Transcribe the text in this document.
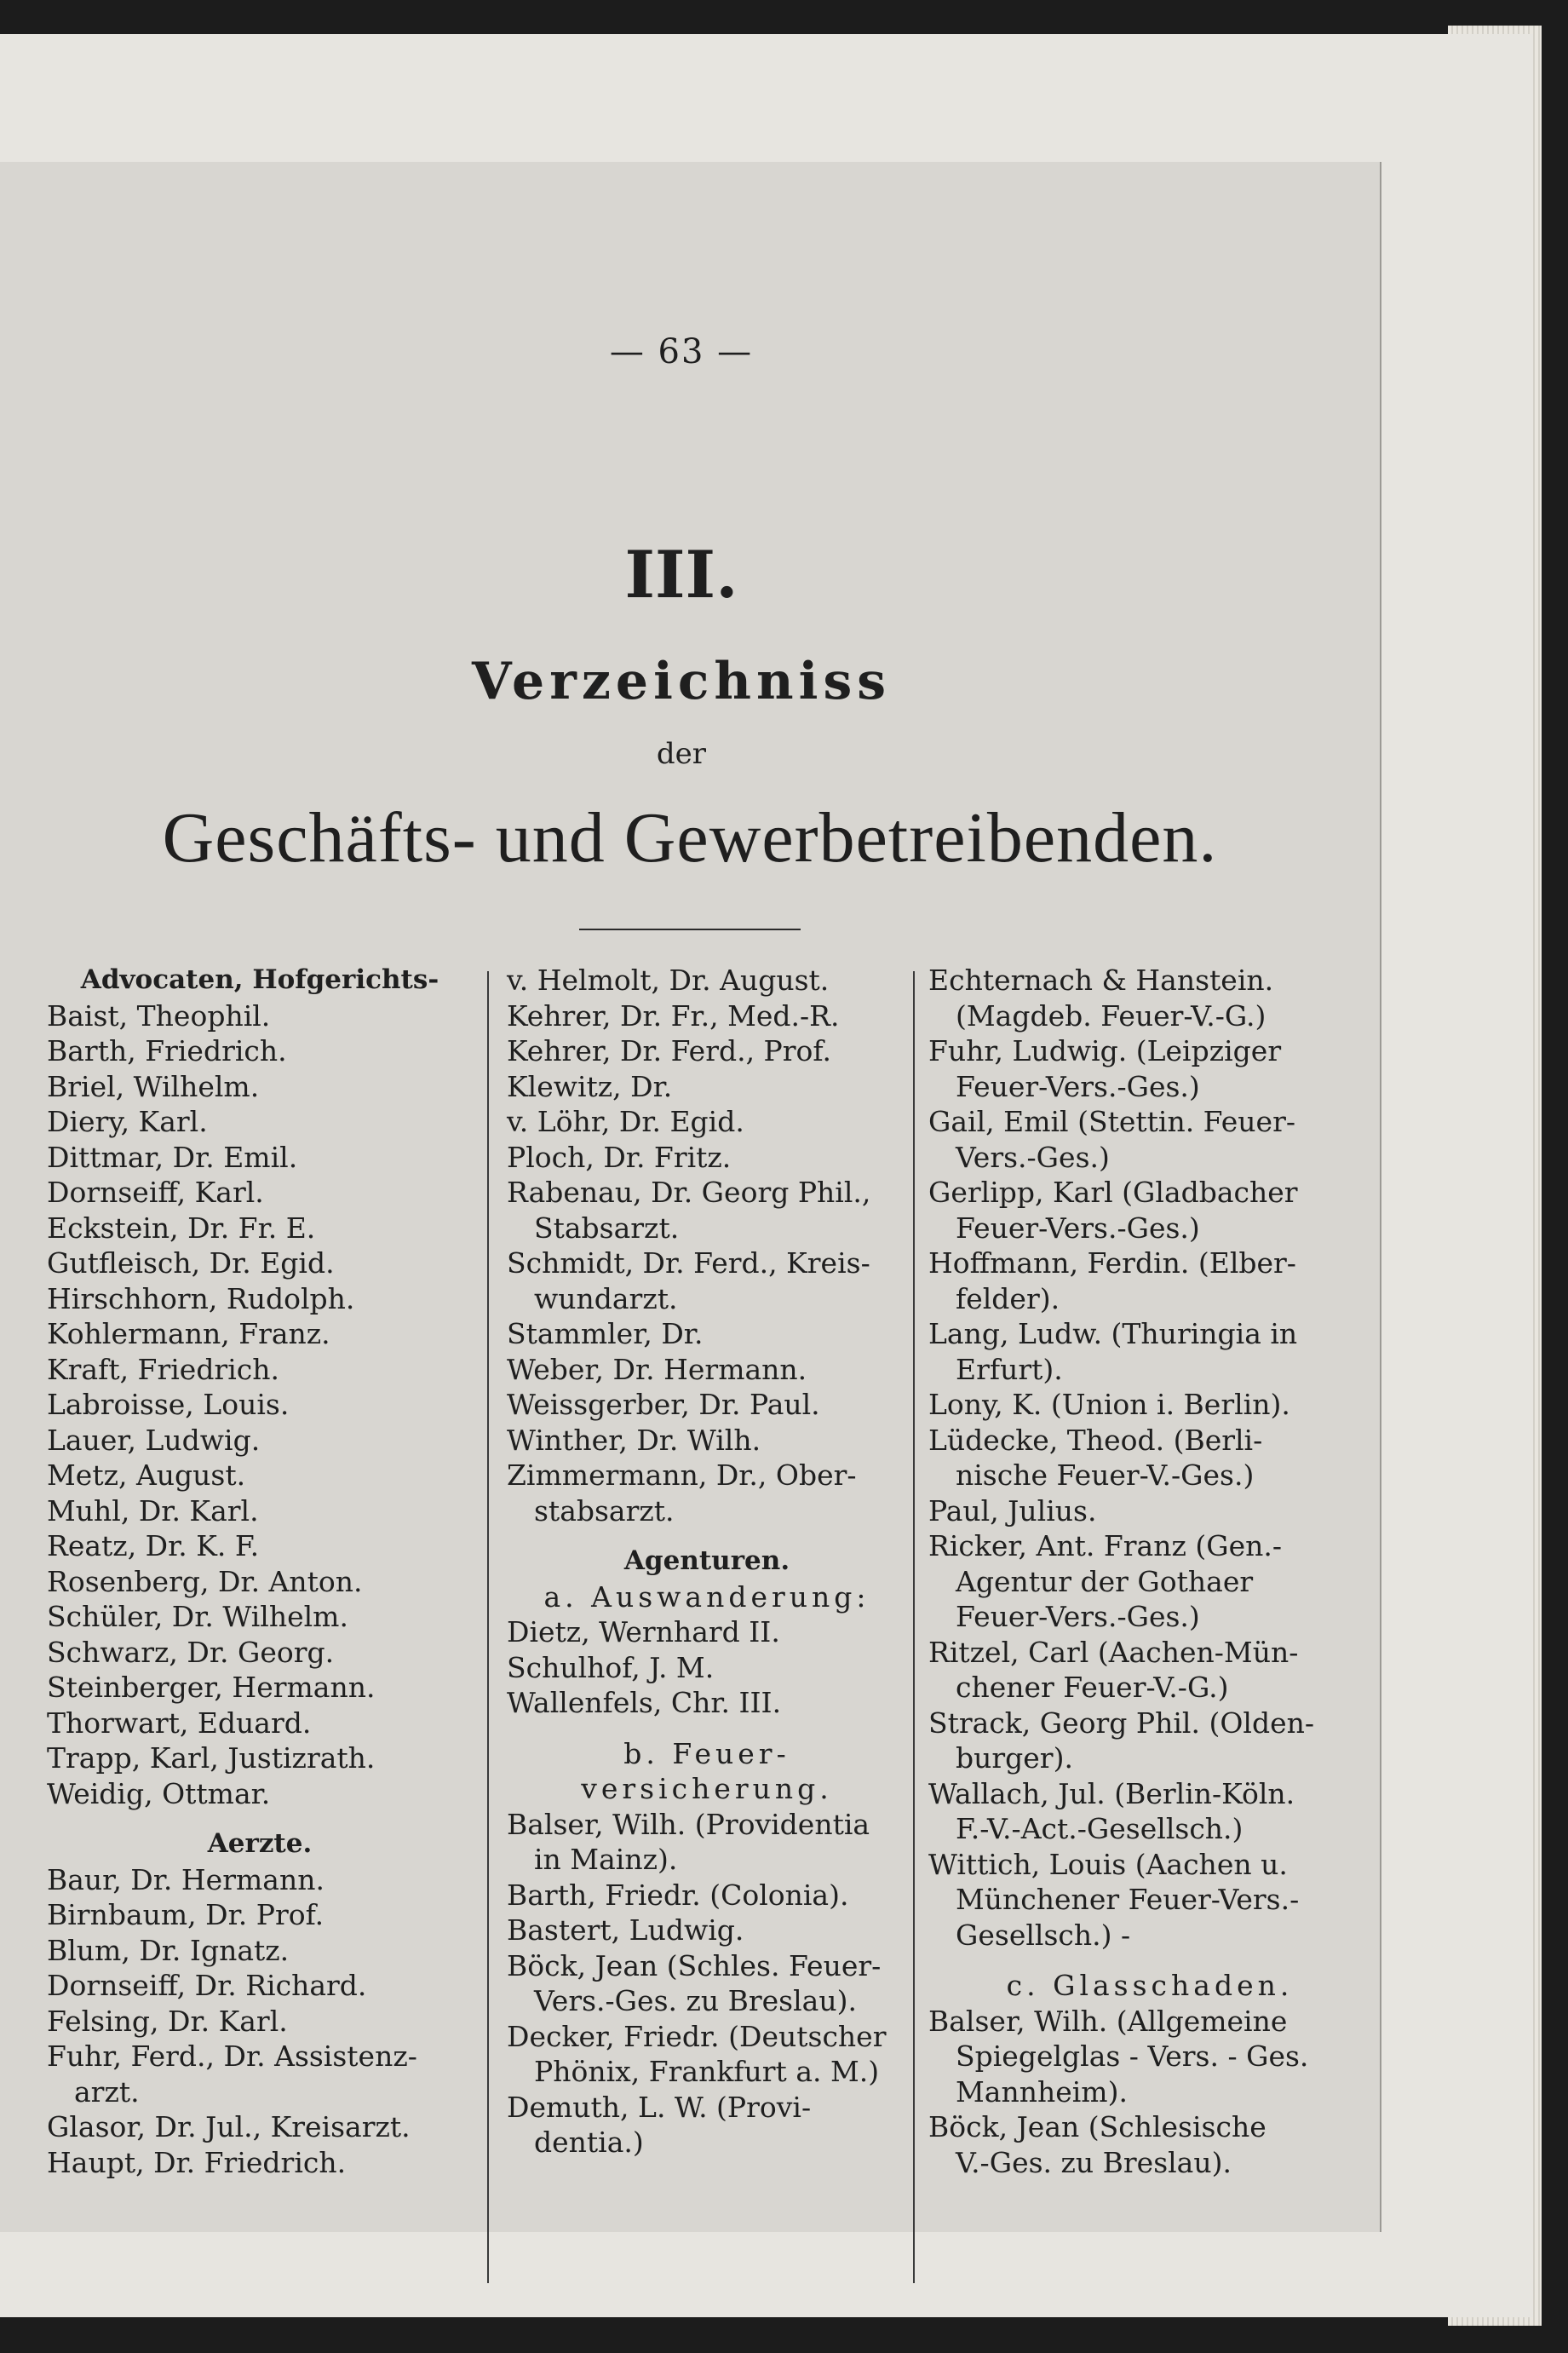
— 63 —
III.
Verzeichniss
der
Geschäfts- und Gewerbetreibenden.
Advocaten, Hofgerichts-
Baist, Theophil.
Barth, Friedrich.
Briel, Wilhelm.
Diery, Karl.
Dittmar, Dr. Emil.
Dornseiff, Karl.
Eckstein, Dr. Fr. E.
Gutfleisch, Dr. Egid.
Hirschhorn, Rudolph.
Kohlermann, Franz.
Kraft, Friedrich.
Labroisse, Louis.
Lauer, Ludwig.
Metz, August.
Muhl, Dr. Karl.
Reatz, Dr. K. F.
Rosenberg, Dr. Anton.
Schüler, Dr. Wilhelm.
Schwarz, Dr. Georg.
Steinberger, Hermann.
Thorwart, Eduard.
Trapp, Karl, Justizrath.
Weidig, Ottmar.
Aerzte.
Baur, Dr. Hermann.
Birnbaum, Dr. Prof.
Blum, Dr. Ignatz.
Dornseiff, Dr. Richard.
Felsing, Dr. Karl.
Fuhr, Ferd., Dr. Assistenz-
arzt.
Glasor, Dr. Jul., Kreisarzt.
Haupt, Dr. Friedrich.
v. Helmolt, Dr. August.
Kehrer, Dr. Fr., Med.-R.
Kehrer, Dr. Ferd., Prof.
Klewitz, Dr.
v. Löhr, Dr. Egid.
Ploch, Dr. Fritz.
Rabenau, Dr. Georg Phil.,
Stabsarzt.
Schmidt, Dr. Ferd., Kreis-
wundarzt.
Stammler, Dr.
Weber, Dr. Hermann.
Weissgerber, Dr. Paul.
Winther, Dr. Wilh.
Zimmermann, Dr., Ober-
stabsarzt.
Agenturen.
a. Auswanderung:
Dietz, Wernhard II.
Schulhof, J. M.
Wallenfels, Chr. III.
b. Feuer-
versicherung.
Balser, Wilh. (Providentia
in Mainz).
Barth, Friedr. (Colonia).
Bastert, Ludwig.
Böck, Jean (Schles. Feuer-
Vers.-Ges. zu Breslau).
Decker, Friedr. (Deutscher
Phönix, Frankfurt a. M.)
Demuth, L. W. (Provi-
dentia.)
Echternach & Hanstein.
(Magdeb. Feuer-V.-G.)
Fuhr, Ludwig. (Leipziger
Feuer-Vers.-Ges.)
Gail, Emil (Stettin. Feuer-
Vers.-Ges.)
Gerlipp, Karl (Gladbacher
Feuer-Vers.-Ges.)
Hoffmann, Ferdin. (Elber-
felder).
Lang, Ludw. (Thuringia in
Erfurt).
Lony, K. (Union i. Berlin).
Lüdecke, Theod. (Berli-
nische Feuer-V.-Ges.)
Paul, Julius.
Ricker, Ant. Franz (Gen.-
Agentur der Gothaer
Feuer-Vers.-Ges.)
Ritzel, Carl (Aachen-Mün-
chener Feuer-V.-G.)
Strack, Georg Phil. (Olden-
burger).
Wallach, Jul. (Berlin-Köln.
F.-V.-Act.-Gesellsch.)
Wittich, Louis (Aachen u.
Münchener Feuer-Vers.-
Gesellsch.) -
c. Glasschaden.
Balser, Wilh. (Allgemeine
Spiegelglas - Vers. - Ges.
Mannheim).
Böck, Jean (Schlesische
V.-Ges. zu Breslau).
